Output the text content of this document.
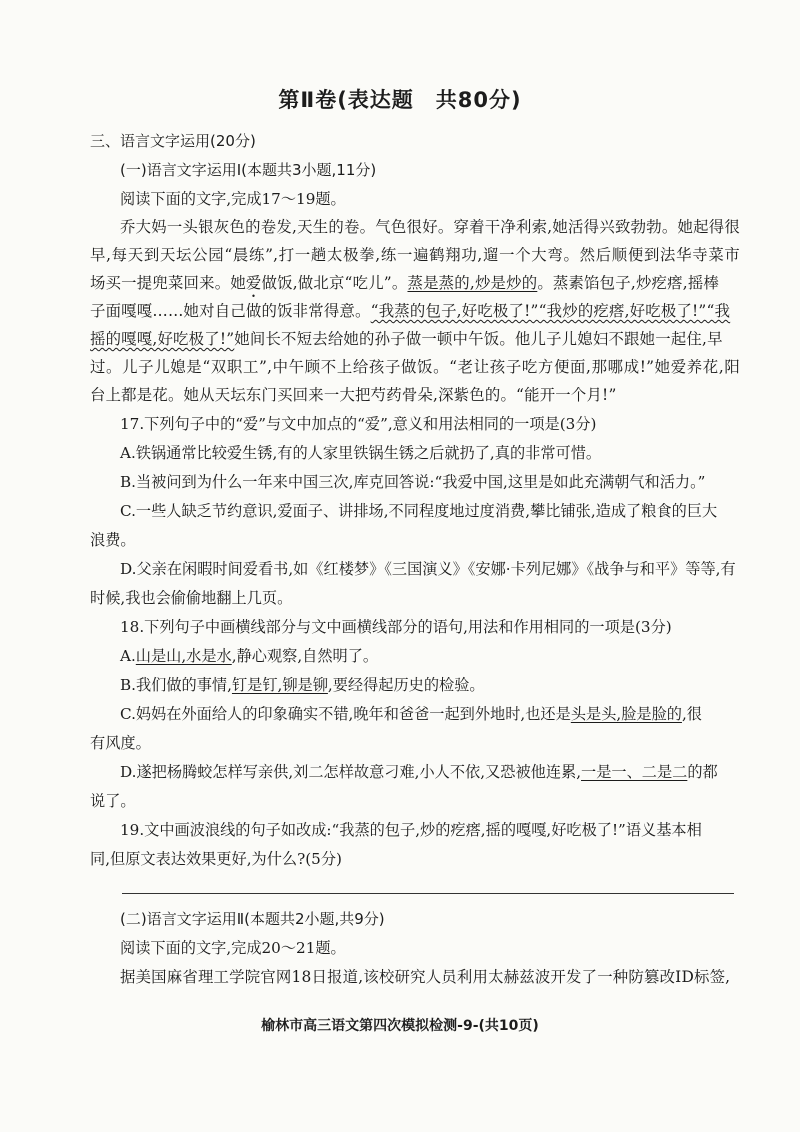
第Ⅱ卷(表达题　共80分)
三、语言文字运用(20分)
(一)语言文字运用Ⅰ(本题共3小题,11分)
阅读下面的文字,完成17～19题。
乔大妈一头银灰色的卷发,天生的卷。气色很好。穿着干净利索,她活得兴致勃勃。她起得很
早,每天到天坛公园“晨练”,打一趟太极拳,练一遍鹤翔功,遛一个大弯。然后顺便到法华寺菜市
场买一提兜菜回来。她爱做饭,做北京“吃儿”。蒸是蒸的,炒是炒的。蒸素馅包子,炒疙瘩,摇棒
子面嘎嘎……她对自己做的饭非常得意。“我蒸的包子,好吃极了!”“我炒的疙瘩,好吃极了!”“我
摇的嘎嘎,好吃极了!”她间长不短去给她的孙子做一顿中午饭。他儿子儿媳妇不跟她一起住,早
过。儿子儿媳是“双职工”,中午顾不上给孩子做饭。“老让孩子吃方便面,那哪成!”她爱养花,阳
台上都是花。她从天坛东门买回来一大把芍药骨朵,深紫色的。“能开一个月!”
17.下列句子中的“爱”与文中加点的“爱”,意义和用法相同的一项是(3分)
A.铁锅通常比较爱生锈,有的人家里铁锅生锈之后就扔了,真的非常可惜。
B.当被问到为什么一年来中国三次,库克回答说:“我爱中国,这里是如此充满朝气和活力。”
C.一些人缺乏节约意识,爱面子、讲排场,不同程度地过度消费,攀比铺张,造成了粮食的巨大
浪费。
D.父亲在闲暇时间爱看书,如《红楼梦》《三国演义》《安娜·卡列尼娜》《战争与和平》等等,有
时候,我也会偷偷地翻上几页。
18.下列句子中画横线部分与文中画横线部分的语句,用法和作用相同的一项是(3分)
A.山是山,水是水,静心观察,自然明了。
B.我们做的事情,钉是钉,铆是铆,要经得起历史的检验。
C.妈妈在外面给人的印象确实不错,晚年和爸爸一起到外地时,也还是头是头,脸是脸的,很
有风度。
D.遂把杨腾蛟怎样写亲供,刘二怎样故意刁难,小人不依,又恐被他连累,一是一、二是二的都
说了。
19.文中画波浪线的句子如改成:“我蒸的包子,炒的疙瘩,摇的嘎嘎,好吃极了!”语义基本相
同,但原文表达效果更好,为什么?(5分)
(二)语言文字运用Ⅱ(本题共2小题,共9分)
阅读下面的文字,完成20～21题。
据美国麻省理工学院官网18日报道,该校研究人员利用太赫兹波开发了一种防篡改ID标签,
榆林市高三语文第四次模拟检测-9-(共10页)
